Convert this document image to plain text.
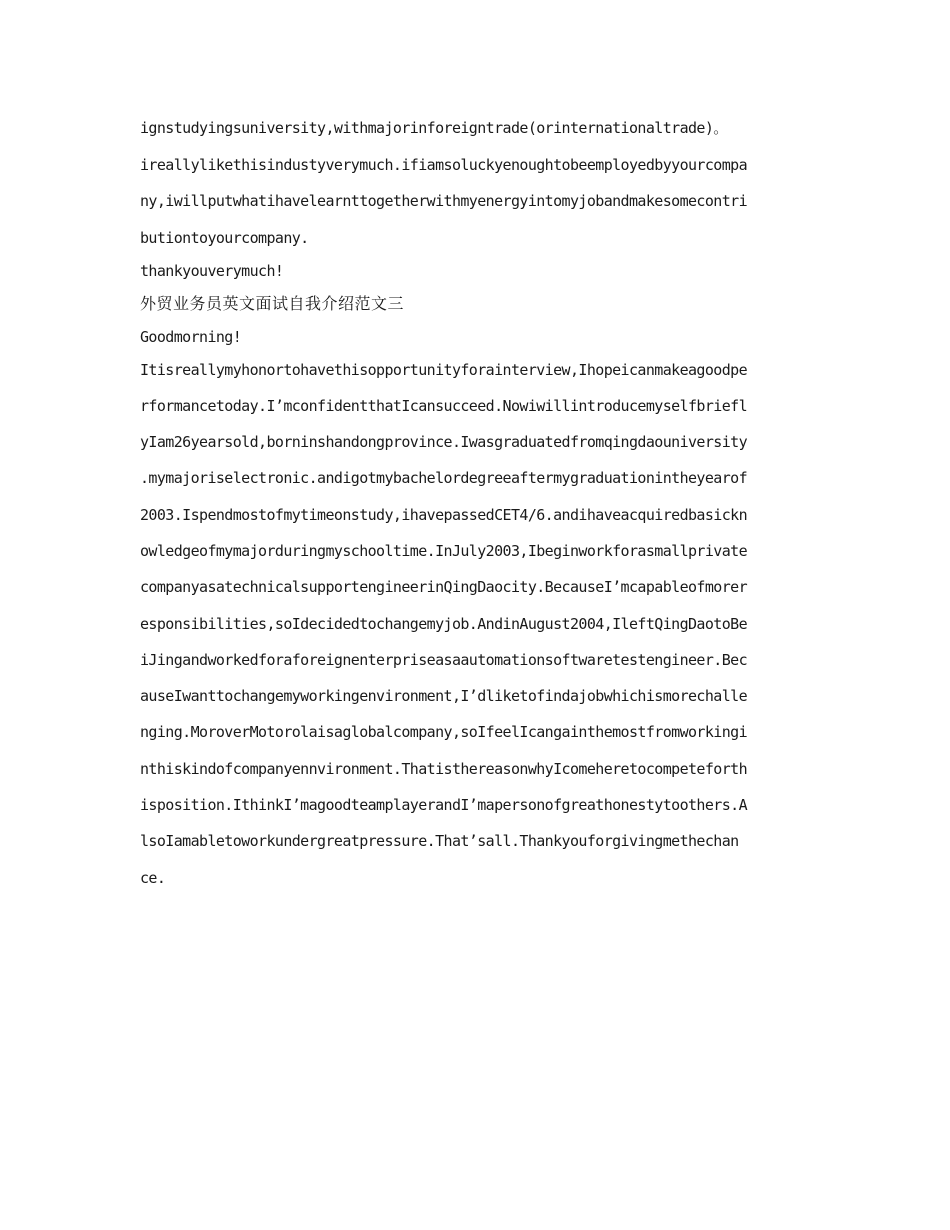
ignstudyingsuniversity,withmajorinforeigntrade(orinternationaltrade)。
ireallylikethisindustyverymuch.ifiamsoluckyenoughtobeemployedbyyourcompa
ny,iwillputwhatihavelearnttogetherwithmyenergyintomyjobandmakesomecontri
butiontoyourcompany.
thankyouverymuch!
外贸业务员英文面试自我介绍范文三
Goodmorning!
Itisreallymyhonortohavethisopportunityforainterview,Ihopeicanmakeagoodpe
rformancetoday.I’mconfidentthatIcansucceed.Nowiwillintroducemyselfbriefl
yIam26yearsold,borninshandongprovince.Iwasgraduatedfromqingdaouniversity
.mymajoriselectronic.andigotmybachelordegreeaftermygraduationintheyearof
2003.Ispendmostofmytimeonstudy,ihavepassedCET4/6.andihaveacquiredbasickn
owledgeofmymajorduringmyschooltime.InJuly2003,Ibeginworkforasmallprivate
companyasatechnicalsupportengineerinQingDaocity.BecauseI’mcapableofmorer
esponsibilities,soIdecidedtochangemyjob.AndinAugust2004,IleftQingDaotoBe
iJingandworkedforaforeignenterpriseasaautomationsoftwaretestengineer.Bec
auseIwanttochangemyworkingenvironment,I’dliketofindajobwhichismorechalle
nging.MoroverMotorolaisaglobalcompany,soIfeelIcangainthemostfromworkingi
nthiskindofcompanyennvironment.ThatisthereasonwhyIcomeheretocompeteforth
isposition.IthinkI’magoodteamplayerandI’mapersonofgreathonestytoothers.A
lsoIamabletoworkundergreatpressure.That’sall.Thankyouforgivingmethechan
ce.
